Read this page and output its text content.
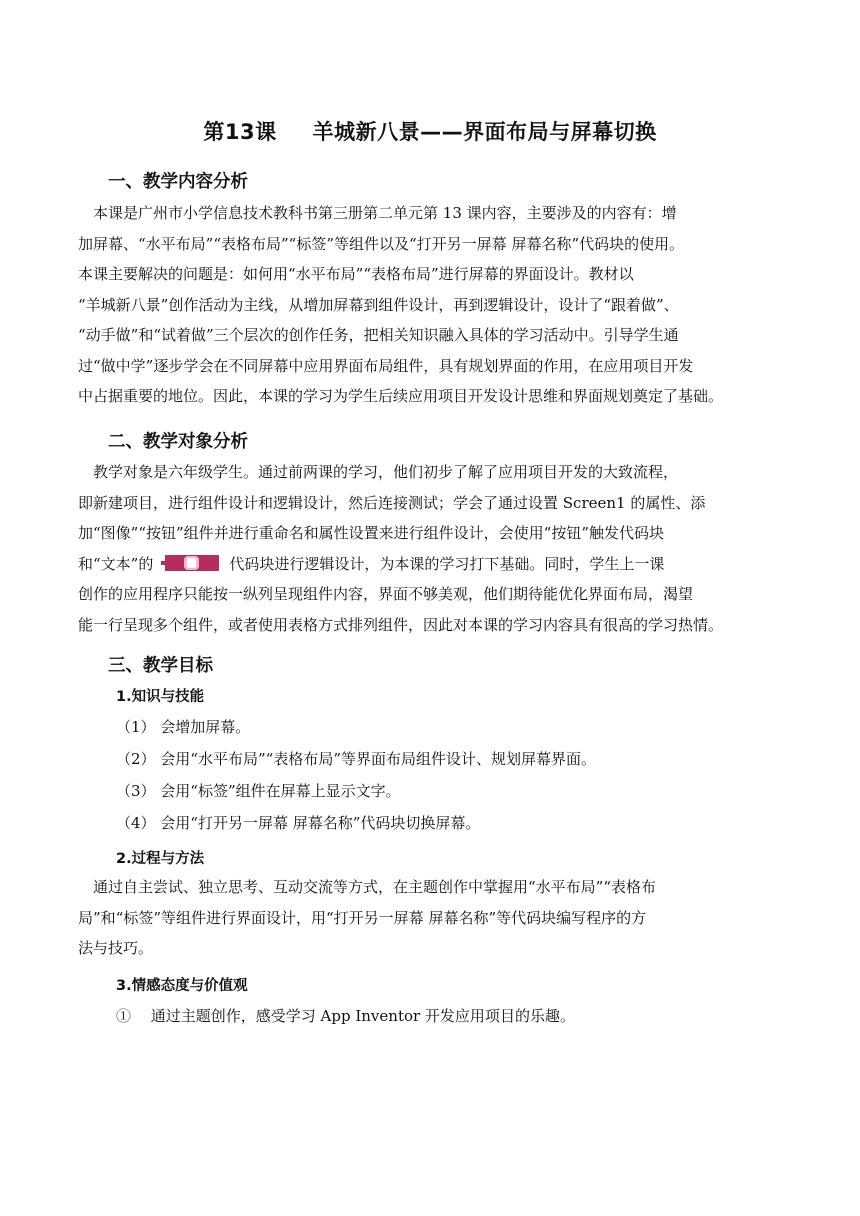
第13课 羊城新八景——界面布局与屏幕切换
一、教学内容分析
　本课是广州市小学信息技术教科书第三册第二单元第 13 课内容，主要涉及的内容有：增
加屏幕、“水平布局”“表格布局”“标签”等组件以及“打开另一屏幕 屏幕名称”代码块的使用。
本课主要解决的问题是：如何用“水平布局”“表格布局”进行屏幕的界面设计。教材以
“羊城新八景”创作活动为主线，从增加屏幕到组件设计，再到逻辑设计，设计了“跟着做”、
“动手做”和“试着做”三个层次的创作任务，把相关知识融入具体的学习活动中。引导学生通
过“做中学”逐步学会在不同屏幕中应用界面布局组件，具有规划界面的作用，在应用项目开发
中占据重要的地位。因此，本课的学习为学生后续应用项目开发设计思维和界面规划奠定了基础。
二、教学对象分析
　教学对象是六年级学生。通过前两课的学习，他们初步了解了应用项目开发的大致流程，
即新建项目，进行组件设计和逻辑设计，然后连接测试；学会了通过设置 Screen1 的属性、添
加“图像”“按钮”组件并进行重命名和属性设置来进行组件设计，会使用“按钮”触发代码块
和“文本”的	代码块进行逻辑设计，为本课的学习打下基础。同时，学生上一课
创作的应用程序只能按一纵列呈现组件内容，界面不够美观，他们期待能优化界面布局，渴望
能一行呈现多个组件，或者使用表格方式排列组件，因此对本课的学习内容具有很高的学习热情。
三、教学目标
1.知识与技能
（1） 会增加屏幕。
（2） 会用“水平布局”“表格布局”等界面布局组件设计、规划屏幕界面。
（3） 会用“标签”组件在屏幕上显示文字。
（4） 会用“打开另一屏幕 屏幕名称”代码块切换屏幕。
2.过程与方法
　通过自主尝试、独立思考、互动交流等方式，在主题创作中掌握用“水平布局”“表格布
局”和“标签”等组件进行界面设计，用“打开另一屏幕 屏幕名称”等代码块编写程序的方
法与技巧。
3.情感态度与价值观
①　 通过主题创作，感受学习 App Inventor 开发应用项目的乐趣。
